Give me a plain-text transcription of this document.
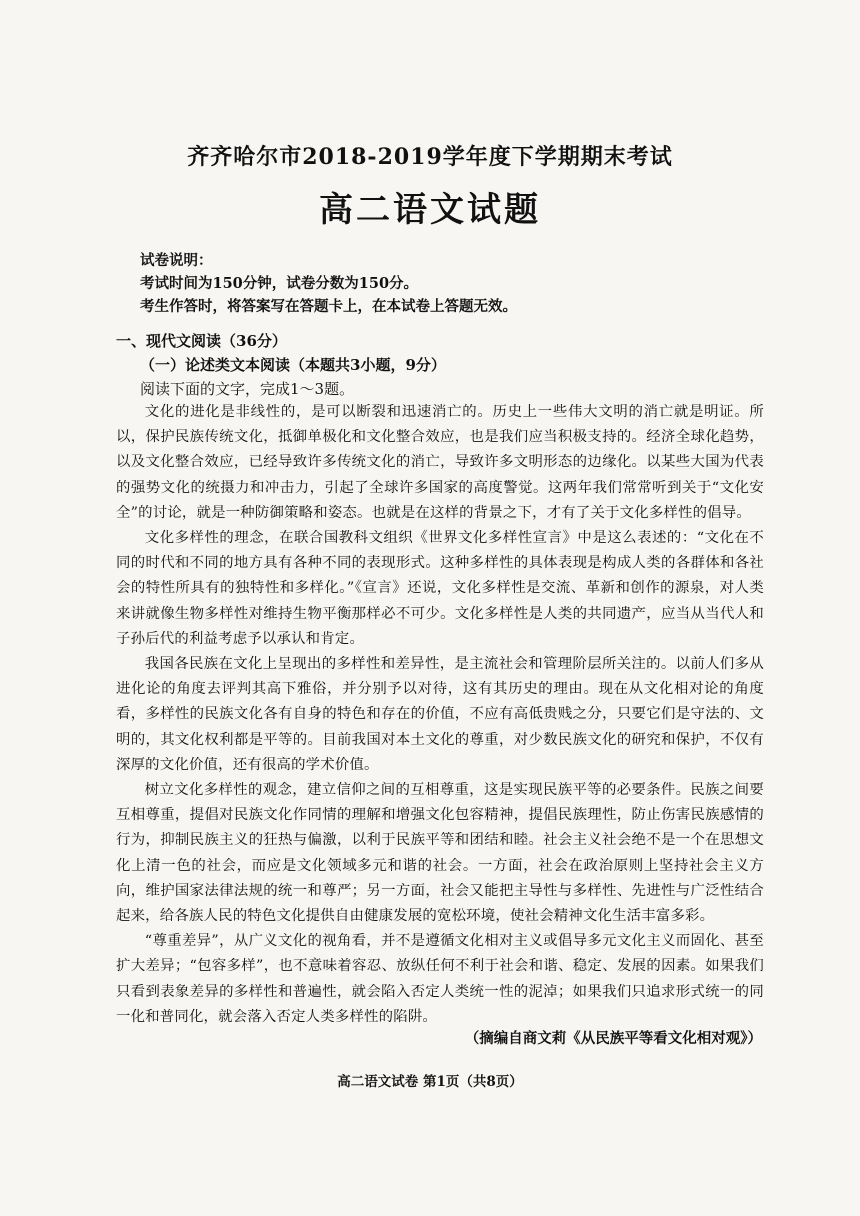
齐齐哈尔市2018-2019学年度下学期期末考试
高二语文试题
试卷说明：
考试时间为150分钟，试卷分数为150分。
考生作答时，将答案写在答题卡上，在本试卷上答题无效。
一、现代文阅读（36分）
（一）论述类文本阅读（本题共3小题，9分）
阅读下面的文字，完成1～3题。

文化的进化是非线性的，是可以断裂和迅速消亡的。历史上一些伟大文明的消亡就是明证。所以，保护民族传统文化，抵御单极化和文化整合效应，也是我们应当积极支持的。经济全球化趋势，以及文化整合效应，已经导致许多传统文化的消亡，导致许多文明形态的边缘化。以某些大国为代表的强势文化的统摄力和冲击力，引起了全球许多国家的高度警觉。这两年我们常常听到关于“文化安全”的讨论，就是一种防御策略和姿态。也就是在这样的背景之下，才有了关于文化多样性的倡导。

文化多样性的理念，在联合国教科文组织《世界文化多样性宣言》中是这么表述的：“文化在不同的时代和不同的地方具有各种不同的表现形式。这种多样性的具体表现是构成人类的各群体和各社会的特性所具有的独特性和多样化。”《宣言》还说，文化多样性是交流、革新和创作的源泉，对人类来讲就像生物多样性对维持生物平衡那样必不可少。文化多样性是人类的共同遗产，应当从当代人和子孙后代的利益考虑予以承认和肯定。

我国各民族在文化上呈现出的多样性和差异性，是主流社会和管理阶层所关注的。以前人们多从进化论的角度去评判其高下雅俗，并分别予以对待，这有其历史的理由。现在从文化相对论的角度看，多样性的民族文化各有自身的特色和存在的价值，不应有高低贵贱之分，只要它们是守法的、文明的，其文化权利都是平等的。目前我国对本土文化的尊重，对少数民族文化的研究和保护，不仅有深厚的文化价值，还有很高的学术价值。

树立文化多样性的观念，建立信仰之间的互相尊重，这是实现民族平等的必要条件。民族之间要互相尊重，提倡对民族文化作同情的理解和增强文化包容精神，提倡民族理性，防止伤害民族感情的行为，抑制民族主义的狂热与偏激，以利于民族平等和团结和睦。社会主义社会绝不是一个在思想文化上清一色的社会，而应是文化领域多元和谐的社会。一方面，社会在政治原则上坚持社会主义方向，维护国家法律法规的统一和尊严；另一方面，社会又能把主导性与多样性、先进性与广泛性结合起来，给各族人民的特色文化提供自由健康发展的宽松环境，使社会精神文化生活丰富多彩。

“尊重差异”，从广义文化的视角看，并不是遵循文化相对主义或倡导多元文化主义而固化、甚至扩大差异；“包容多样”，也不意味着容忍、放纵任何不利于社会和谐、稳定、发展的因素。如果我们只看到表象差异的多样性和普遍性，就会陷入否定人类统一性的泥淖；如果我们只追求形式统一的同一化和普同化，就会落入否定人类多样性的陷阱。

（摘编自商文莉《从民族平等看文化相对观》）
高二语文试卷 第1页（共8页）
